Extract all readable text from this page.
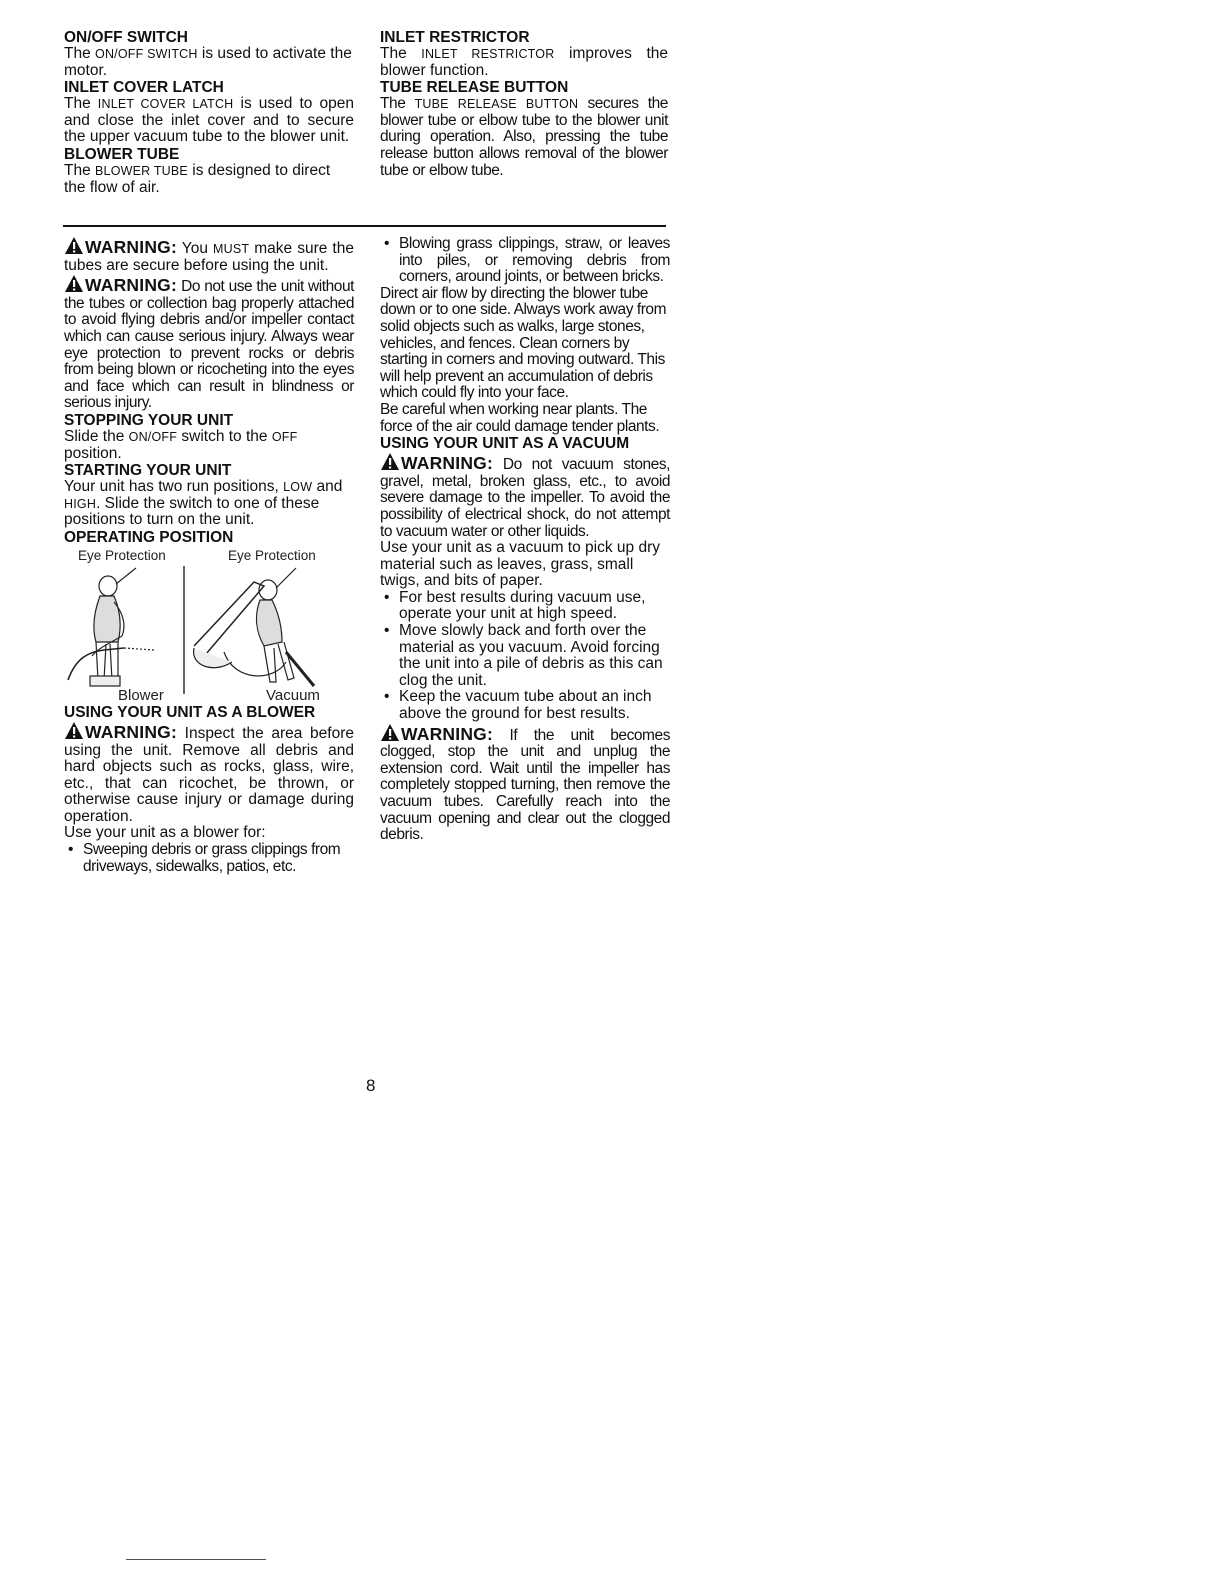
ON/OFF SWITCH

The ON/OFF SWITCH is used to activate the motor.

INLET COVER LATCH

The INLET COVER LATCH is used to open and close the inlet cover and to secure the upper vacuum tube to the blower unit.

BLOWER TUBE

The BLOWER TUBE is designed to direct the flow of air.

INLET RESTRICTOR

The INLET RESTRICTOR improves the blower function.

TUBE RELEASE BUTTON

The TUBE RELEASE BUTTON secures the blower tube or elbow tube to the blower unit during operation. Also, pressing the tube release button allows removal of the blower tube or elbow tube.

WARNING: You MUST make sure the tubes are secure before using the unit.

WARNING: Do not use the unit without the tubes or collection bag properly attached to avoid flying debris and/or impeller contact which can cause serious injury. Always wear eye protection to prevent rocks or debris from being blown or ricocheting into the eyes and face which can result in blindness or serious injury.

STOPPING YOUR UNIT

Slide the ON/OFF switch to the OFF position.

STARTING YOUR UNIT

Your unit has two run positions, LOW and HIGH. Slide the switch to one of these positions to turn on the unit.

OPERATING POSITION
Eye Protection	Eye Protection
Blower	Vacuum
USING YOUR UNIT AS A BLOWER

WARNING: Inspect the area before using the unit. Remove all debris and hard objects such as rocks, glass, wire, etc., that can ricochet, be thrown, or otherwise cause injury or damage during operation.

Use your unit as a blower for:

• Sweeping debris or grass clippings from driveways, sidewalks, patios, etc.
• Blowing grass clippings, straw, or leaves into piles, or removing debris from corners, around joints, or between bricks.

Direct air flow by directing the blower tube down or to one side. Always work away from solid objects such as walks, large stones, vehicles, and fences. Clean corners by starting in corners and moving outward. This will help prevent an accumulation of debris which could fly into your face.

Be careful when working near plants. The force of the air could damage tender plants.

USING YOUR UNIT AS A VACUUM

WARNING: Do not vacuum stones, gravel, metal, broken glass, etc., to avoid severe damage to the impeller. To avoid the possibility of electrical shock, do not attempt to vacuum water or other liquids.

Use your unit as a vacuum to pick up dry material such as leaves, grass, small twigs, and bits of paper.

• For best results during vacuum use, operate your unit at high speed.
• Move slowly back and forth over the material as you vacuum. Avoid forcing the unit into a pile of debris as this can clog the unit.
• Keep the vacuum tube about an inch above the ground for best results.

WARNING: If the unit becomes clogged, stop the unit and unplug the extension cord. Wait until the impeller has completely stopped turning, then remove the vacuum tubes. Carefully reach into the vacuum opening and clear out the clogged debris.

8
